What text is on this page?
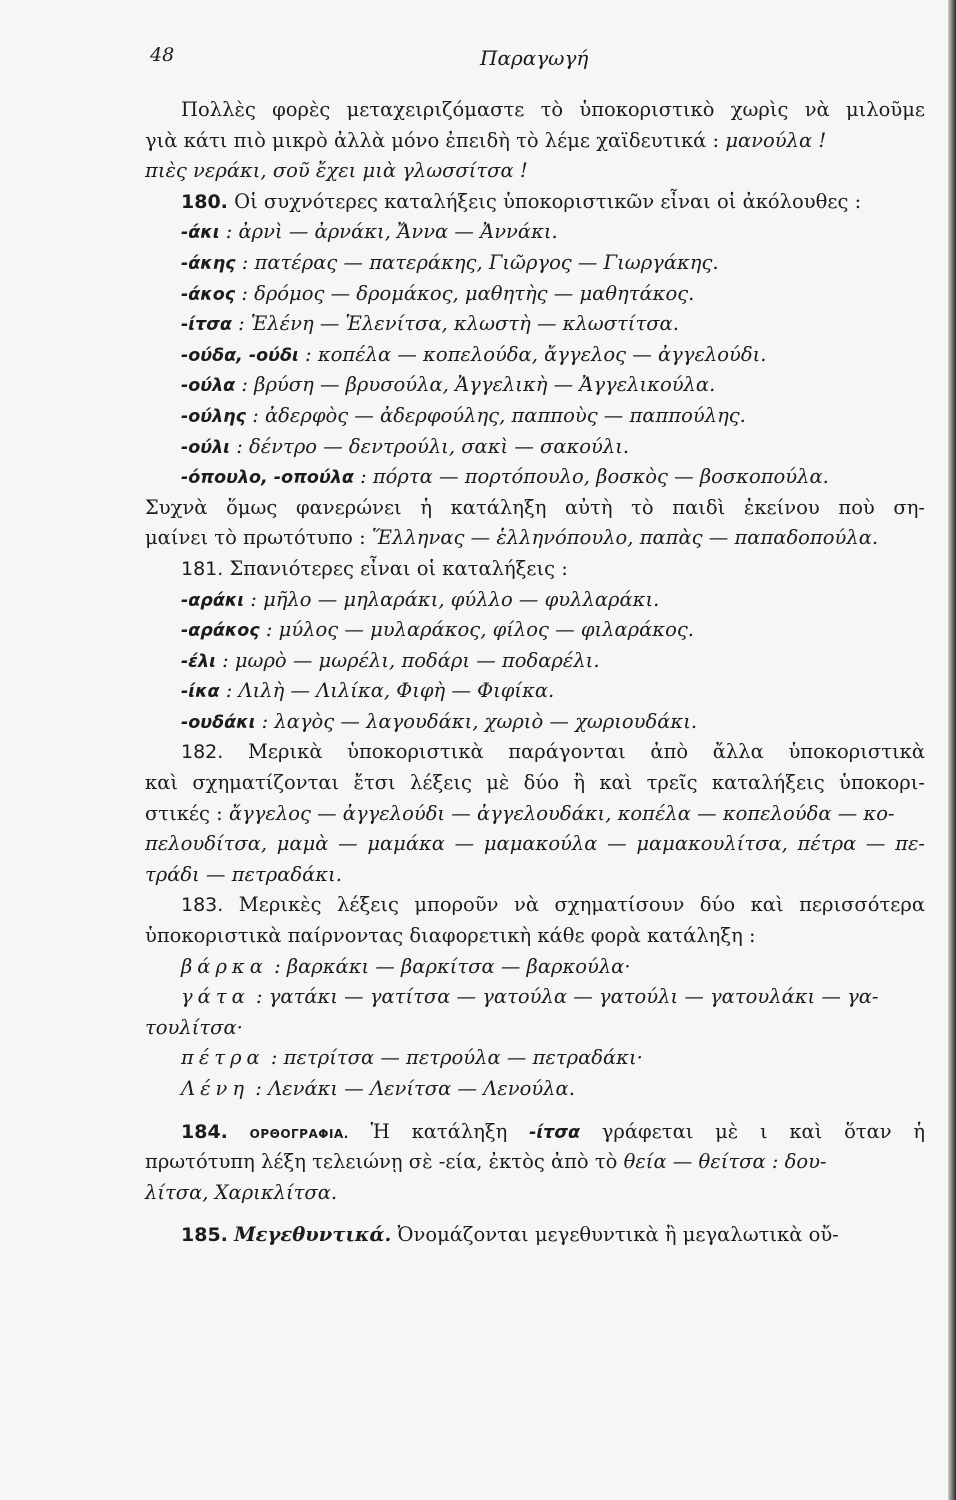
48	Παραγωγή
Πολλὲς φορὲς μεταχειριζόμαστε τὸ ὑποκοριστικὸ χωρὶς νὰ μιλοῦμε
γιὰ κάτι πιὸ μικρὸ ἀλλὰ μόνο ἐπειδὴ τὸ λέμε χαϊδευτικά : μανούλα !
πιὲς νεράκι, σοῦ ἔχει μιὰ γλωσσίτσα !
180. Οἱ συχνότερες καταλήξεις ὑποκοριστικῶν εἶναι οἱ ἀκόλουθες :
-άκι : ἀρνὶ — ἀρνάκι, Ἄννα — Ἀννάκι.
-άκης : πατέρας — πατεράκης, Γιῶργος — Γιωργάκης.
-άκος : δρόμος — δρομάκος, μαθητὴς — μαθητάκος.
-ίτσα : Ἑλένη — Ἑλενίτσα, κλωστὴ — κλωστίτσα.
-ούδα, -ούδι : κοπέλα — κοπελούδα, ἄγγελος — ἀγγελούδι.
-ούλα : βρύση — βρυσούλα, Ἀγγελικὴ — Ἀγγελικούλα.
-ούλης : ἀδερφὸς — ἀδερφούλης, παπποὺς — παππούλης.
-ούλι : δέντρο — δεντρούλι, σακὶ — σακούλι.
-όπουλο, -οπούλα : πόρτα — πορτόπουλο, βοσκὸς — βοσκοπούλα.
Συχνὰ ὅμως φανερώνει ἡ κατάληξη αὐτὴ τὸ παιδὶ ἐκείνου ποὺ ση-
μαίνει τὸ πρωτότυπο : Ἕλληνας — ἑλληνόπουλο, παπὰς — παπαδοπούλα.
181. Σπανιότερες εἶναι οἱ καταλήξεις :
-αράκι : μῆλο — μηλαράκι, φύλλο — φυλλαράκι.
-αράκος : μύλος — μυλαράκος, φίλος — φιλαράκος.
-έλι : μωρὸ — μωρέλι, ποδάρι — ποδαρέλι.
-ίκα : Λιλὴ — Λιλίκα, Φιφὴ — Φιφίκα.
-ουδάκι : λαγὸς — λαγουδάκι, χωριὸ — χωριουδάκι.
182. Μερικὰ ὑποκοριστικὰ παράγονται ἀπὸ ἄλλα ὑποκοριστικὰ
καὶ σχηματίζονται ἔτσι λέξεις μὲ δύο ἢ καὶ τρεῖς καταλήξεις ὑποκορι-
στικές : ἄγγελος — ἀγγελούδι — ἀγγελουδάκι, κοπέλα — κοπελούδα — κο-
πελουδίτσα, μαμὰ — μαμάκα — μαμακούλα — μαμακουλίτσα, πέτρα — πε-
τράδι — πετραδάκι.
183. Μερικὲς λέξεις μποροῦν νὰ σχηματίσουν δύο καὶ περισσότερα
ὑποκοριστικὰ παίρνοντας διαφορετικὴ κάθε φορὰ κατάληξη :
βάρκα : βαρκάκι — βαρκίτσα — βαρκούλα·
γάτα : γατάκι — γατίτσα — γατούλα — γατούλι — γατουλάκι — γα-
τουλίτσα·
πέτρα : πετρίτσα — πετρούλα — πετραδάκι·
Λένη : Λενάκι — Λενίτσα — Λενούλα.
184. ΟΡΘΟΓΡΑΦΙΑ. Ἡ κατάληξη -ίτσα γράφεται μὲ ι καὶ ὅταν ἡ
πρωτότυπη λέξη τελειώνῃ σὲ -εία, ἐκτὸς ἀπὸ τὸ θεία — θείτσα : δου-
λίτσα, Χαρικλίτσα.
185. Μεγεθυντικά. Ὀνομάζονται μεγεθυντικὰ ἢ μεγαλωτικὰ οὔ-
